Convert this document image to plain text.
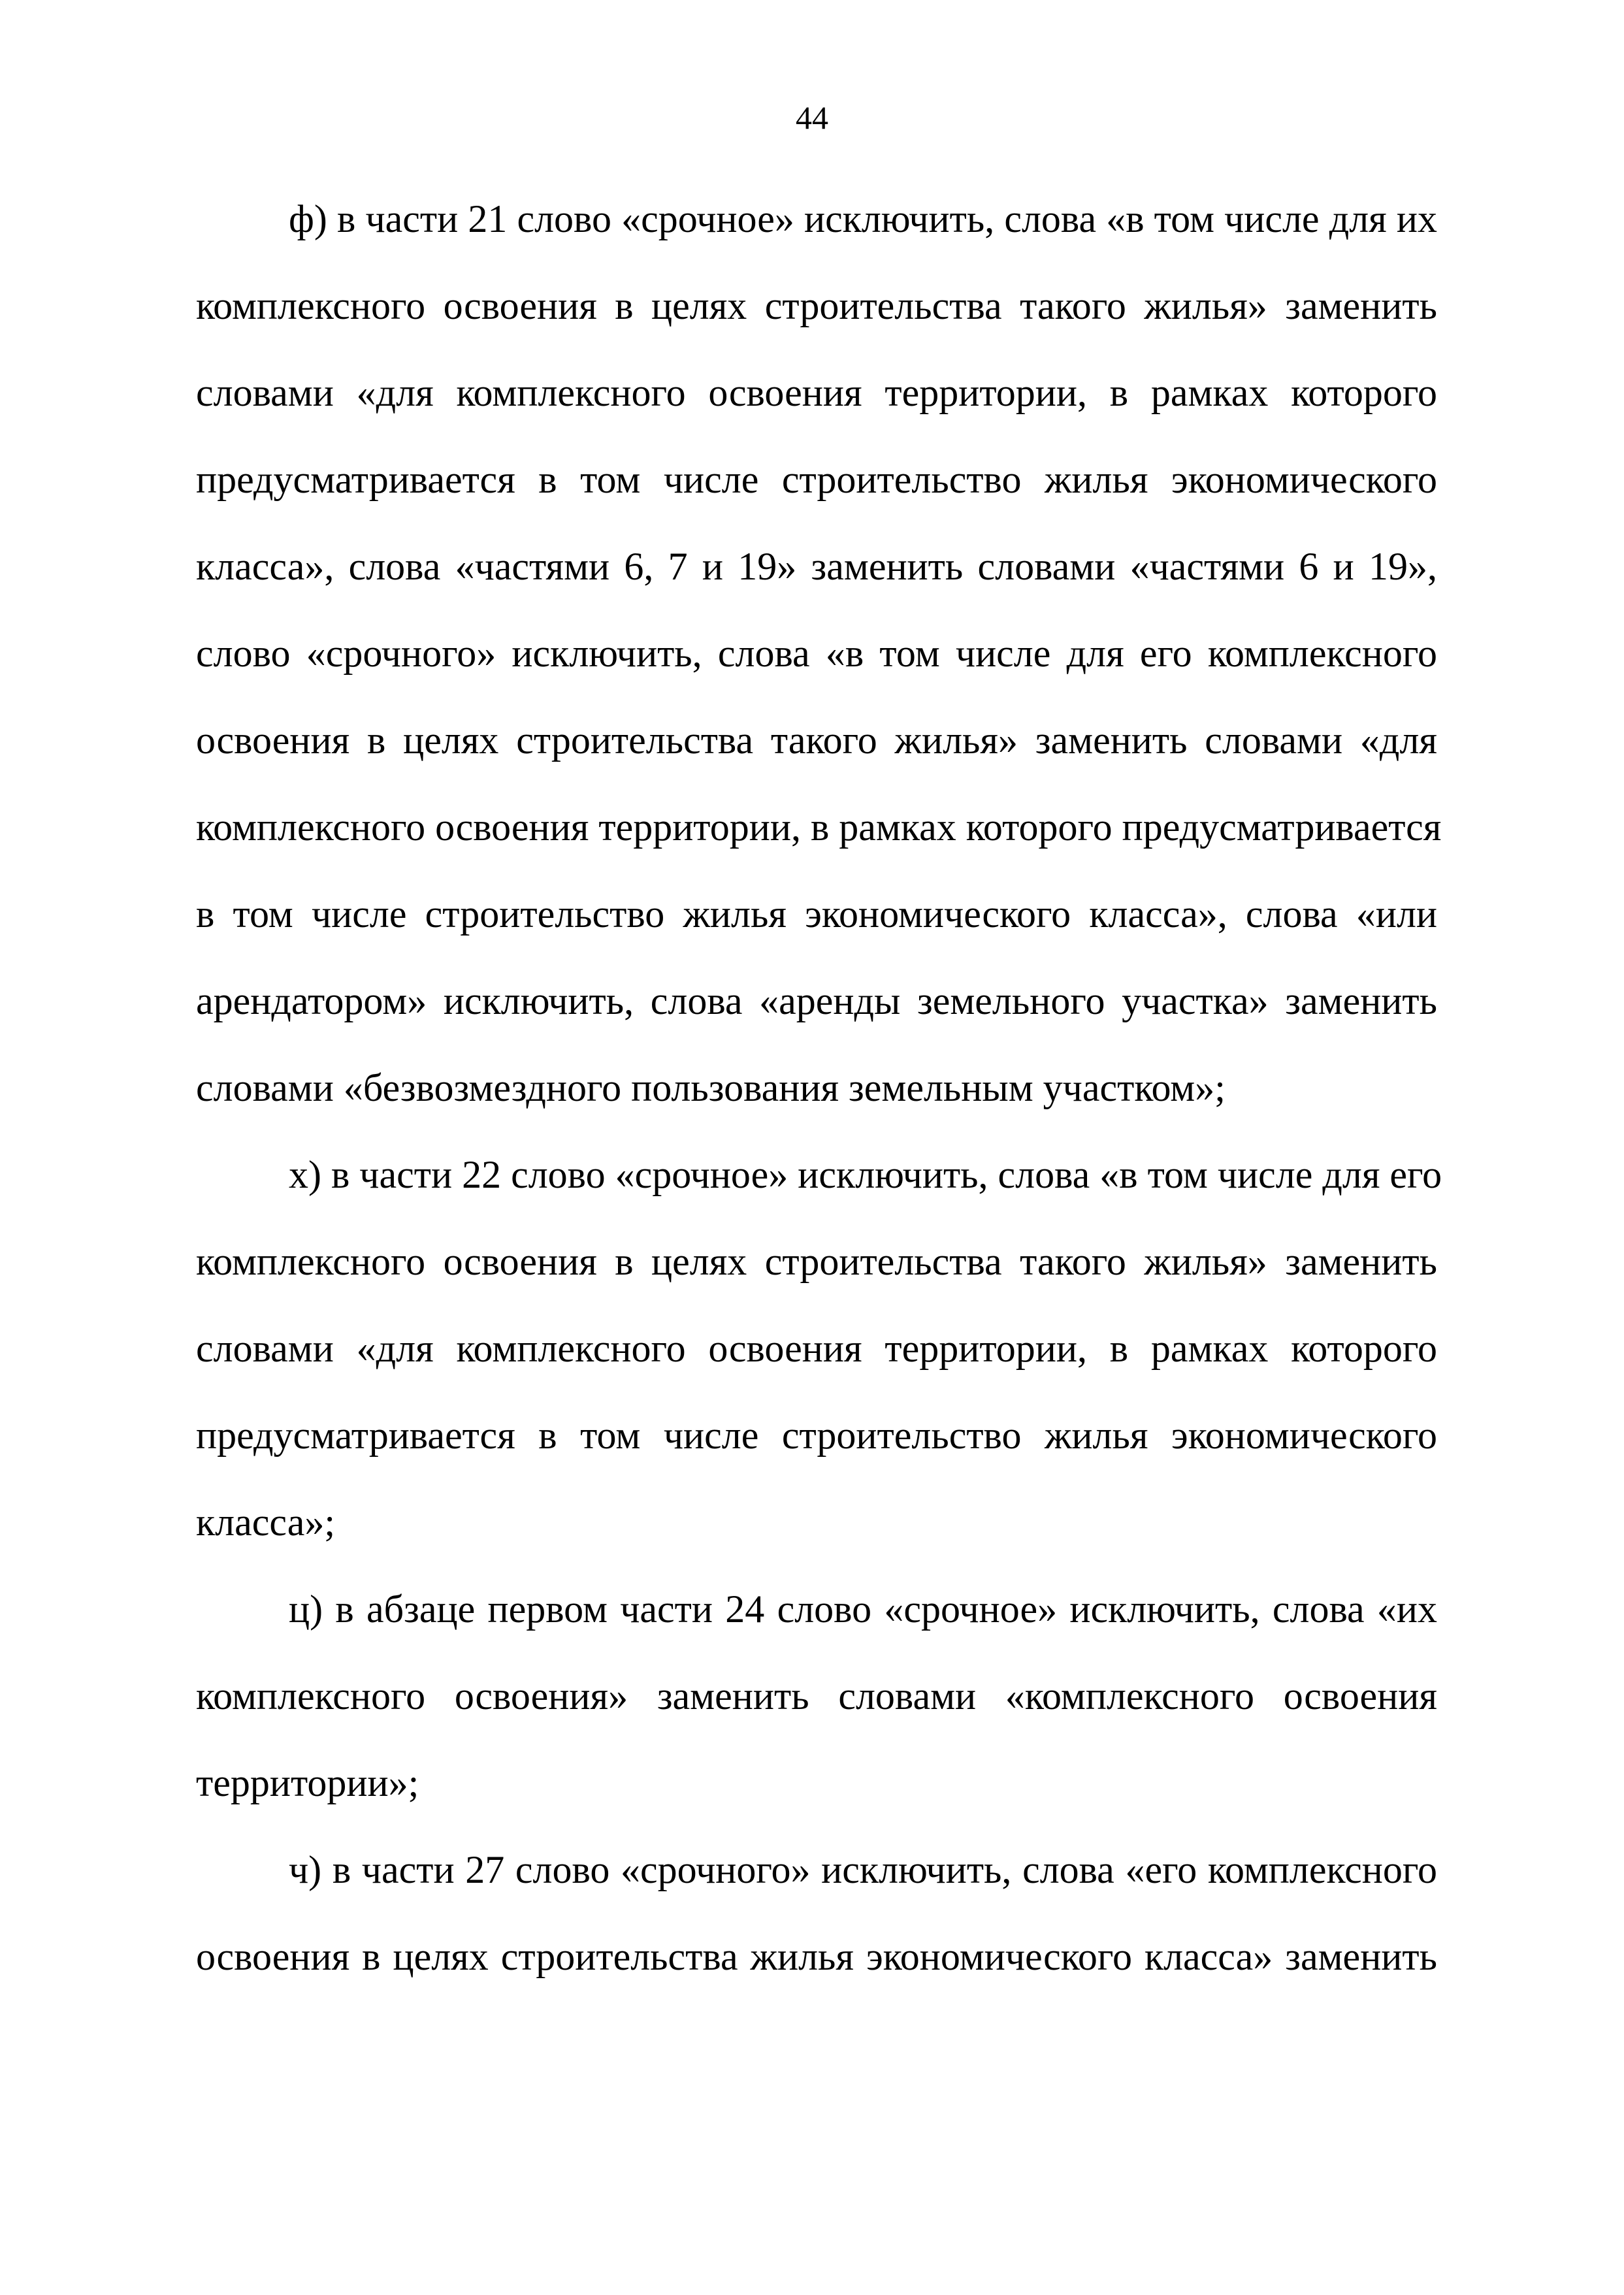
44
ф) в части 21 слово «срочное» исключить, слова «в том числе для их
комплексного освоения в целях строительства такого жилья» заменить
словами «для комплексного освоения территории, в рамках которого
предусматривается в том числе строительство жилья экономического
класса», слова «частями 6, 7 и 19» заменить словами «частями 6 и 19»,
слово «срочного» исключить, слова «в том числе для его комплексного
освоения в целях строительства такого жилья» заменить словами «для
комплексного освоения территории, в рамках которого предусматривается
в том числе строительство жилья экономического класса», слова «или
арендатором» исключить, слова «аренды земельного участка» заменить
словами «безвозмездного пользования земельным участком»;
х) в части 22 слово «срочное» исключить, слова «в том числе для его
комплексного освоения в целях строительства такого жилья» заменить
словами «для комплексного освоения территории, в рамках которого
предусматривается в том числе строительство жилья экономического
класса»;
ц) в абзаце первом части 24 слово «срочное» исключить, слова «их
комплексного освоения» заменить словами «комплексного освоения
территории»;
ч) в части 27 слово «срочного» исключить, слова «его комплексного
освоения в целях строительства жилья экономического класса» заменить
